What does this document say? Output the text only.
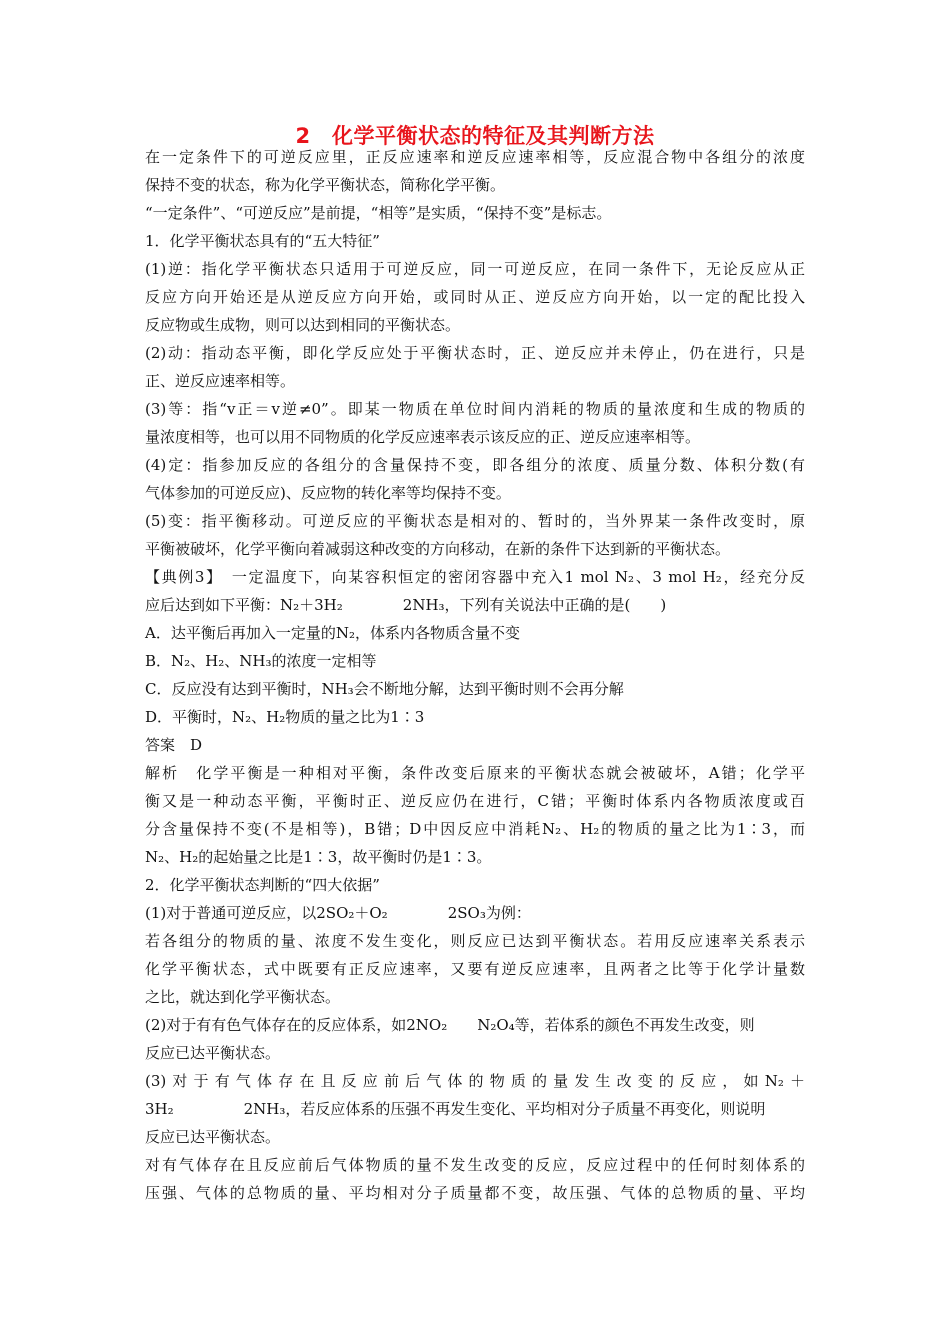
2　化学平衡状态的特征及其判断方法
在一定条件下的可逆反应里，正反应速率和逆反应速率相等，反应混合物中各组分的浓度
保持不变的状态，称为化学平衡状态，简称化学平衡。
“一定条件”、“可逆反应”是前提，“相等”是实质，“保持不变”是标志。
1．化学平衡状态具有的“五大特征”
(1)逆：指化学平衡状态只适用于可逆反应，同一可逆反应，在同一条件下，无论反应从正
反应方向开始还是从逆反应方向开始，或同时从正、逆反应方向开始，以一定的配比投入
反应物或生成物，则可以达到相同的平衡状态。
(2)动：指动态平衡，即化学反应处于平衡状态时，正、逆反应并未停止，仍在进行，只是
正、逆反应速率相等。
(3)等：指“v正＝v逆≠0”。即某一物质在单位时间内消耗的物质的量浓度和生成的物质的
量浓度相等，也可以用不同物质的化学反应速率表示该反应的正、逆反应速率相等。
(4)定：指参加反应的各组分的含量保持不变，即各组分的浓度、质量分数、体积分数(有
气体参加的可逆反应)、反应物的转化率等均保持不变。
(5)变：指平衡移动。可逆反应的平衡状态是相对的、暂时的，当外界某一条件改变时，原
平衡被破坏，化学平衡向着减弱这种改变的方向移动，在新的条件下达到新的平衡状态。
【典例3】　一定温度下，向某容积恒定的密闭容器中充入1 mol N₂、3 mol H₂，经充分反
应后达到如下平衡：N₂＋3H₂	2NH₃，下列有关说法中正确的是(　　)
A．达平衡后再加入一定量的N₂，体系内各物质含量不变
B．N₂、H₂、NH₃的浓度一定相等
C．反应没有达到平衡时，NH₃会不断地分解，达到平衡时则不会再分解
D．平衡时，N₂、H₂物质的量之比为1∶3
答案　D
解析　化学平衡是一种相对平衡，条件改变后原来的平衡状态就会被破坏，A错；化学平
衡又是一种动态平衡，平衡时正、逆反应仍在进行，C错；平衡时体系内各物质浓度或百
分含量保持不变(不是相等)，B错；D中因反应中消耗N₂、H₂的物质的量之比为1∶3，而
N₂、H₂的起始量之比是1∶3，故平衡时仍是1∶3。
2．化学平衡状态判断的“四大依据”
(1)对于普通可逆反应，以2SO₂＋O₂	2SO₃为例：
若各组分的物质的量、浓度不发生变化，则反应已达到平衡状态。若用反应速率关系表示
化学平衡状态，式中既要有正反应速率，又要有逆反应速率，且两者之比等于化学计量数
之比，就达到化学平衡状态。
(2)对于有有色气体存在的反应体系，如2NO₂ N₂O₄等，若体系的颜色不再发生改变，则
反应已达平衡状态。
(3)对于有气体存在且反应前后气体的物质的量发生改变的反应，如N₂＋
3H₂	2NH₃，若反应体系的压强不再发生变化、平均相对分子质量不再变化，则说明
反应已达平衡状态。
对有气体存在且反应前后气体物质的量不发生改变的反应，反应过程中的任何时刻体系的
压强、气体的总物质的量、平均相对分子质量都不变，故压强、气体的总物质的量、平均
